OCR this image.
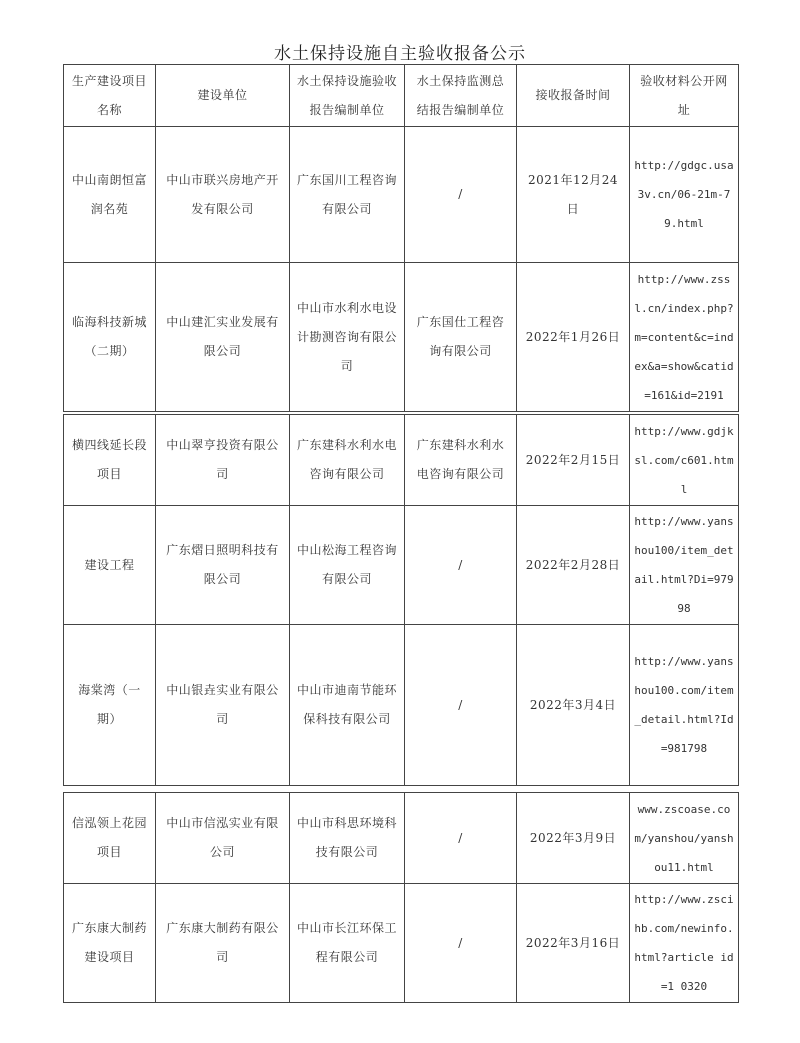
水土保持设施自主验收报备公示
生产建设项目名称	建设单位	水土保持设施验收报告编制单位	水土保持监测总结报告编制单位	接收报备时间	验收材料公开网址
中山南朗恒富润名苑	中山市联兴房地产开发有限公司	广东国川工程咨询有限公司	/	2021年12月24日	http://gdgc.usa3v.cn/06-21m-79.html
临海科技新城（二期）	中山建汇实业发展有限公司	中山市水利水电设计勘测咨询有限公司	广东国仕工程咨询有限公司	2022年1月26日	http://www.zssl.cn/index.php?m=content&c=index&a=show&catid=161&id=2191
横四线延长段项目	中山翠亨投资有限公司	广东建科水利水电咨询有限公司	广东建科水利水电咨询有限公司	2022年2月15日	http://www.gdjksl.com/c601.html
建设工程	广东熠日照明科技有限公司	中山松海工程咨询有限公司	/	2022年2月28日	http://www.yanshou100/item_detail.html?Di=97998
海棠湾（一期）	中山银垚实业有限公司	中山市迪南节能环保科技有限公司	/	2022年3月4日	http://www.yanshou100.com/item_detail.html?Id=981798
信泓领上花园项目	中山市信泓实业有限公司	中山市科思环境科技有限公司	/	2022年3月9日	www.zscoase.com/yanshou/yanshou11.html
广东康大制药建设项目	广东康大制药有限公司	中山市长江环保工程有限公司	/	2022年3月16日	http://www.zscihb.com/newinfo.html?article id=1 0320
